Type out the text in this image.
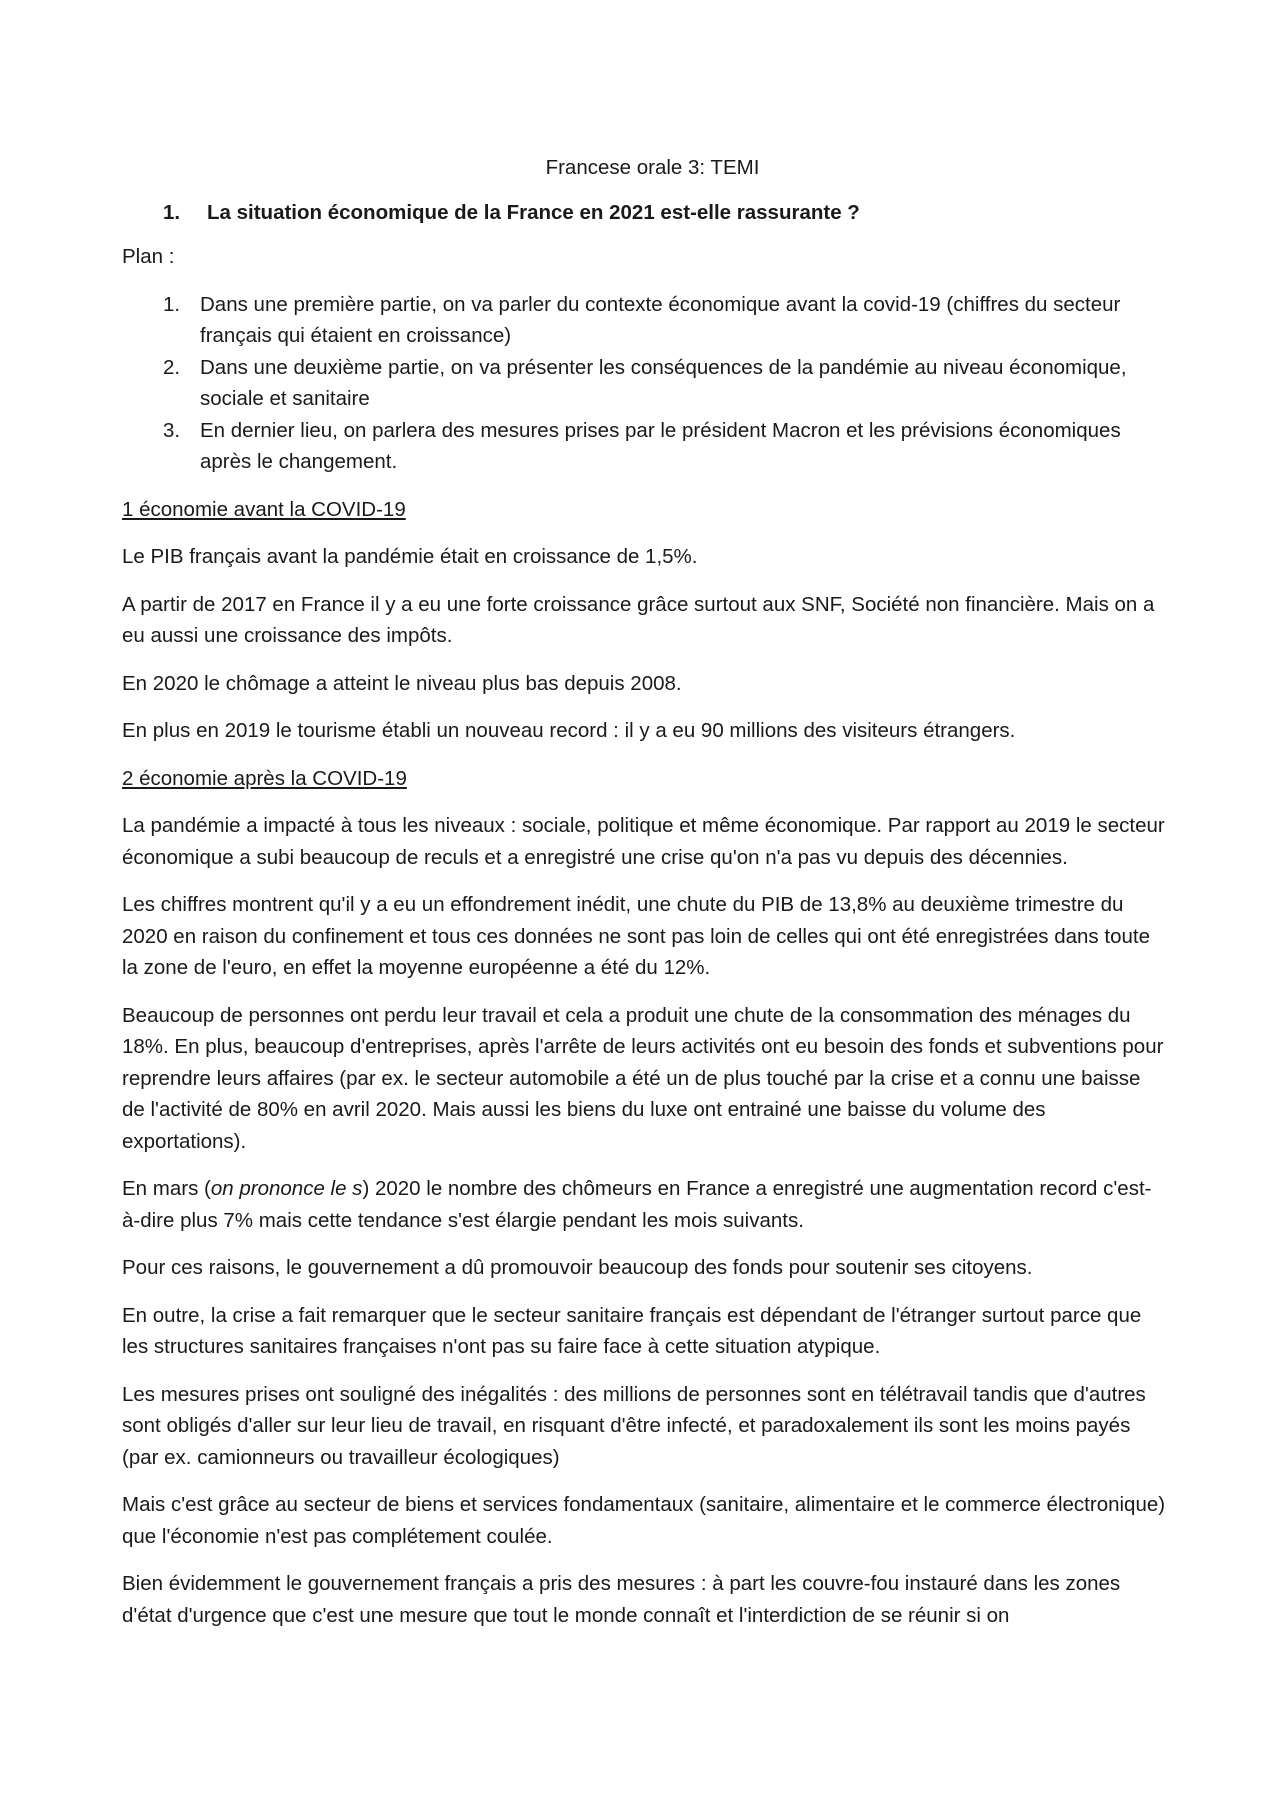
Francese orale 3: TEMI
1.	La situation économique de la France en 2021 est-elle rassurante ?

Plan :

1. Dans une première partie, on va parler du contexte économique avant la covid-19 (chiffres du secteur français qui étaient en croissance)
2. Dans une deuxième partie, on va présenter les conséquences de la pandémie au niveau économique, sociale et sanitaire
3. En dernier lieu, on parlera des mesures prises par le président Macron et les prévisions économiques après le changement.

1 économie avant la COVID-19

Le PIB français avant la pandémie était en croissance de 1,5%.

A partir de 2017 en France il y a eu une forte croissance grâce surtout aux SNF, Société non financière. Mais on a eu aussi une croissance des impôts.

En 2020 le chômage a atteint le niveau plus bas depuis 2008.

En plus en 2019 le tourisme établi un nouveau record : il y a eu 90 millions des visiteurs étrangers.

2 économie après la COVID-19

La pandémie a impacté à tous les niveaux : sociale, politique et même économique. Par rapport au 2019 le secteur économique a subi beaucoup de reculs et a enregistré une crise qu'on n'a pas vu depuis des décennies.

Les chiffres montrent qu'il y a eu un effondrement inédit, une chute du PIB de 13,8% au deuxième trimestre du 2020 en raison du confinement et tous ces données ne sont pas loin de celles qui ont été enregistrées dans toute la zone de l'euro, en effet la moyenne européenne a été du 12%.

Beaucoup de personnes ont perdu leur travail et cela a produit une chute de la consommation des ménages du 18%. En plus, beaucoup d'entreprises, après l'arrête de leurs activités ont eu besoin des fonds et subventions pour reprendre leurs affaires (par ex. le secteur automobile a été un de plus touché par la crise et a connu une baisse de l'activité de 80% en avril 2020. Mais aussi les biens du luxe ont entrainé une baisse du volume des exportations).

En mars (on prononce le s) 2020 le nombre des chômeurs en France a enregistré une augmentation record c'est-à-dire plus 7% mais cette tendance s'est élargie pendant les mois suivants.

Pour ces raisons, le gouvernement a dû promouvoir beaucoup des fonds pour soutenir ses citoyens.

En outre, la crise a fait remarquer que le secteur sanitaire français est dépendant de l'étranger surtout parce que les structures sanitaires françaises n'ont pas su faire face à cette situation atypique.

Les mesures prises ont souligné des inégalités : des millions de personnes sont en télétravail tandis que d'autres sont obligés d'aller sur leur lieu de travail, en risquant d'être infecté, et paradoxalement ils sont les moins payés (par ex. camionneurs ou travailleur écologiques)

Mais c'est grâce au secteur de biens et services fondamentaux (sanitaire, alimentaire et le commerce électronique) que l'économie n'est pas complétement coulée.

Bien évidemment le gouvernement français a pris des mesures : à part les couvre-fou instauré dans les zones d'état d'urgence que c'est une mesure que tout le monde connaît et l'interdiction de se réunir si on
